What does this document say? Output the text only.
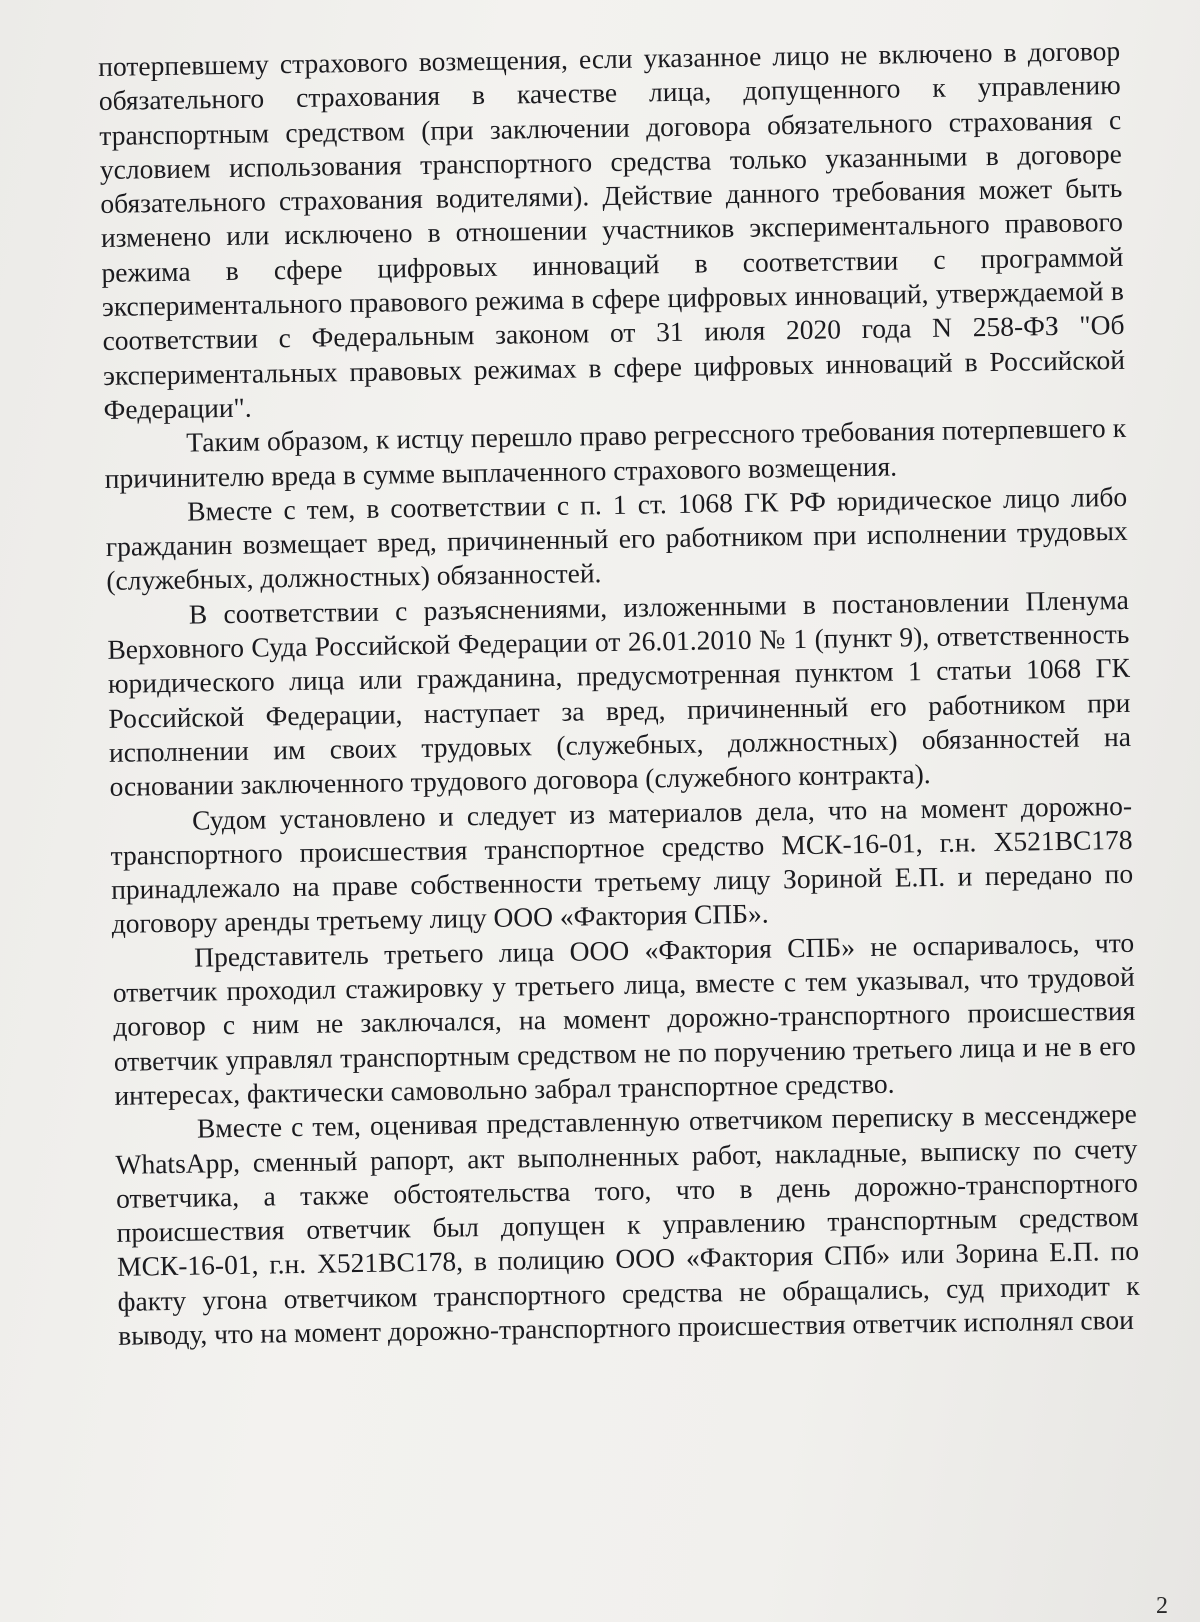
потерпевшему страхового возмещения, если указанное лицо не включено в договор обязательного страхования в качестве лица, допущенного к управлению транспортным средством (при заключении договора обязательного страхования с условием использования транспортного средства только указанными в договоре обязательного страхования водителями). Действие данного требования может быть изменено или исключено в отношении участников экспериментального правового режима в сфере цифровых инноваций в соответствии с программой экспериментального правового режима в сфере цифровых инноваций, утверждаемой в соответствии с Федеральным законом от 31 июля 2020 года N 258-ФЗ "Об экспериментальных правовых режимах в сфере цифровых инноваций в Российской Федерации".

Таким образом, к истцу перешло право регрессного требования потерпевшего к причинителю вреда в сумме выплаченного страхового возмещения.

Вместе с тем, в соответствии с п. 1 ст. 1068 ГК РФ юридическое лицо либо гражданин возмещает вред, причиненный его работником при исполнении трудовых (служебных, должностных) обязанностей.

В соответствии с разъяснениями, изложенными в постановлении Пленума Верховного Суда Российской Федерации от 26.01.2010 № 1 (пункт 9), ответственность юридического лица или гражданина, предусмотренная пунктом 1 статьи 1068 ГК Российской Федерации, наступает за вред, причиненный его работником при исполнении им своих трудовых (служебных, должностных) обязанностей на основании заключенного трудового договора (служебного контракта).

Судом установлено и следует из материалов дела, что на момент дорожно-транспортного происшествия транспортное средство МСК-16-01, г.н. Х521ВС178 принадлежало на праве собственности третьему лицу Зориной Е.П. и передано по договору аренды третьему лицу ООО «Фактория СПБ».

Представитель третьего лица ООО «Фактория СПБ» не оспаривалось, что ответчик проходил стажировку у третьего лица, вместе с тем указывал, что трудовой договор с ним не заключался, на момент дорожно-транспортного происшествия ответчик управлял транспортным средством не по поручению третьего лица и не в его интересах, фактически самовольно забрал транспортное средство.

Вместе с тем, оценивая представленную ответчиком переписку в мессенджере WhatsApp, сменный рапорт, акт выполненных работ, накладные, выписку по счету ответчика, а также обстоятельства того, что в день дорожно-транспортного происшествия ответчик был допущен к управлению транспортным средством МСК-16-01, г.н. Х521ВС178, в полицию ООО «Фактория СПб» или Зорина Е.П. по факту угона ответчиком транспортного средства не обращались, суд приходит к выводу, что на момент дорожно-транспортного происшествия ответчик исполнял свои

2
